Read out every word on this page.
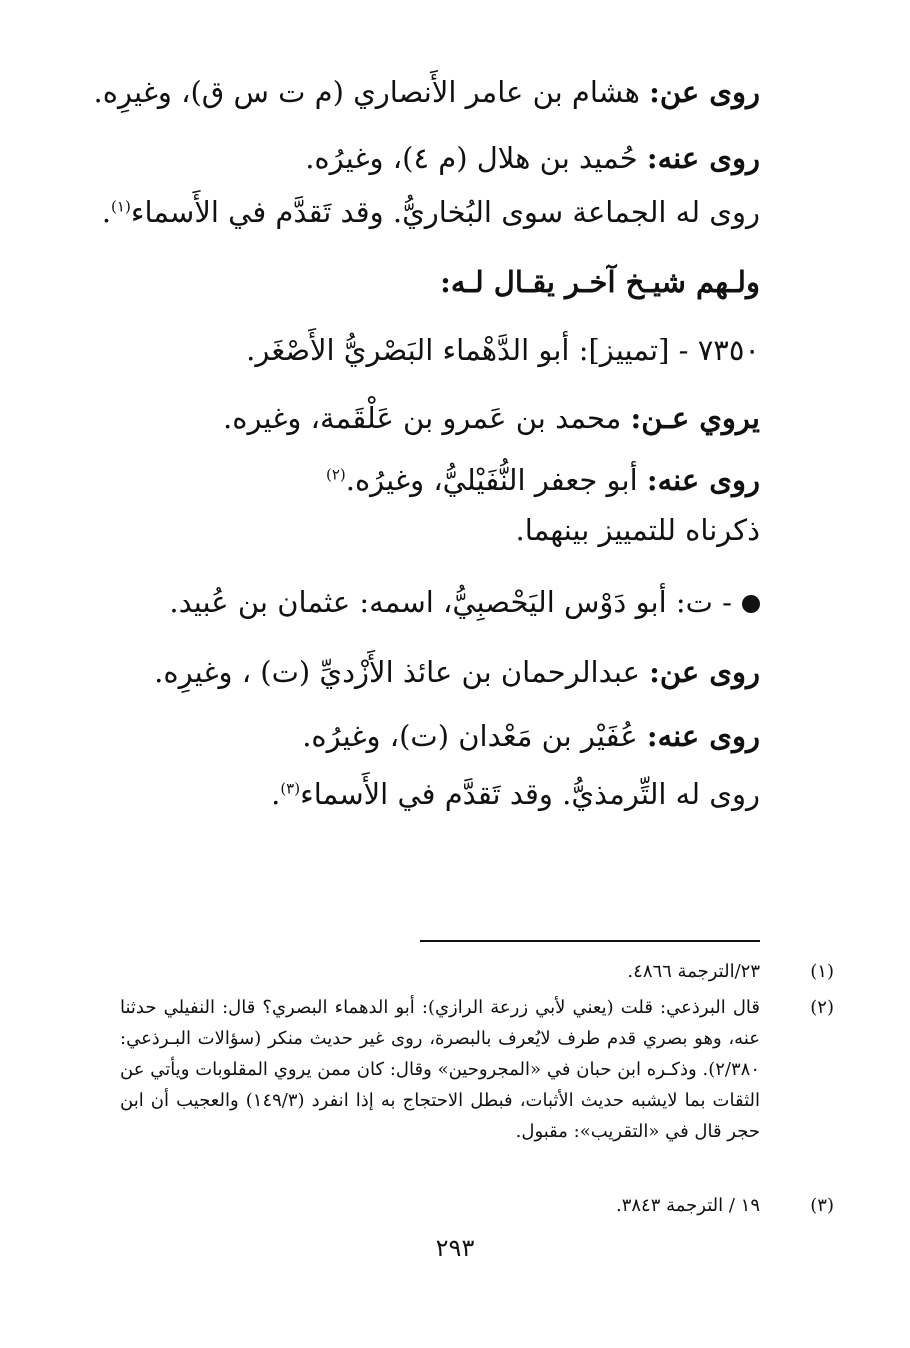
روى عن: هشام بن عامر الأَنصاري (م ت س ق)، وغيرِه.
روى عنه: حُميد بن هلال (م ٤)، وغيرُه.
روى له الجماعة سوى البُخاريُّ. وقد تَقدَّم في الأَسماء$^{(١)}$.
ولـهم شيـخ آخـر يقـال لـه:
٧٣٥٠ - [تمييز]: أبو الدَّهْماء البَصْريُّ الأَصْغَر.
يروي عـن: محمد بن عَمرو بن عَلْقَمة، وغيره.
روى عنه: أبو جعفر النُّفَيْليُّ، وغيرُه.$^{(٢)}$
ذكرناه للتمييز بينهما.
- ت: أبو دَوْس اليَحْصبِيُّ، اسمه: عثمان بن عُبيد.
روى عن: عبدالرحمان بن عائذ الأَزْديِّ (ت) ، وغيرِه.
روى عنه: عُفَيْر بن مَعْدان (ت)، وغيرُه.
روى له التِّرمذيُّ. وقد تَقدَّم في الأَسماء$^{(٣)}$.
(١)
٢٣/الترجمة ٤٨٦٦.
(٢)
قال البرذعي: قلت (يعني لأبي زرعة الرازي): أبو الدهماء البصري؟ قال: النفيلي حدثنا عنه، وهو بصري قدم طرف لايُعرف بالبصرة، روى غير حديث منكر (سؤالات البـرذعي: ٢/٣٨٠). وذكـره ابن حبان في «المجروحين» وقال: كان ممن يروي المقلوبات ويأتي عن الثقات بما لايشبه حديث الأثبات، فبطل الاحتجاج به إذا انفرد (١٤٩/٣) والعجيب أن ابن حجر قال في «التقريب»: مقبول.
(٣)
١٩ / الترجمة ٣٨٤٣.
٢٩٣
